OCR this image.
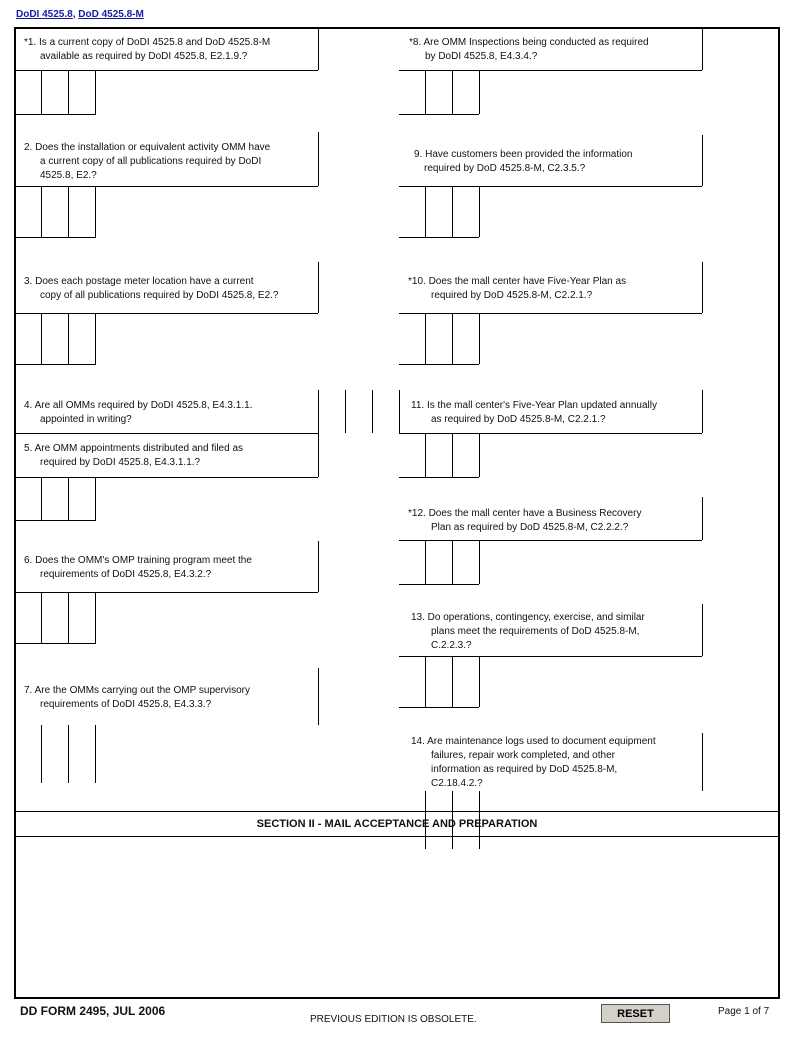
DoDI 4525.8, DoD 4525.8-M
*1. Is a current copy of DoDI 4525.8 and DoD 4525.8-M
available as required by DoDI 4525.8, E2.1.9.?
2. Does the installation or equivalent activity OMM have
a current copy of all publications required by DoDI
4525.8, E2.?
3. Does each postage meter location have a current
copy of all publications required by DoDI 4525.8, E2.?
4. Are all OMMs required by DoDI 4525.8, E4.3.1.1.
appointed in writing?
5. Are OMM appointments distributed and filed as
required by DoDI 4525.8, E4.3.1.1.?
6. Does the OMM's OMP training program meet the
requirements of DoDI 4525.8, E4.3.2.?
7. Are the OMMs carrying out the OMP supervisory
requirements of DoDI 4525.8, E4.3.3.?
*8. Are OMM Inspections being conducted as required
by DoDI 4525.8, E4.3.4.?
9. Have customers been provided the information
required by DoD 4525.8-M, C2.3.5.?
*10. Does the mall center have Five-Year Plan as
required by DoD 4525.8-M, C2.2.1.?
11. Is the mall center's Five-Year Plan updated annually
as required by DoD 4525.8-M, C2.2.1.?
*12. Does the mall center have a Business Recovery
Plan as required by DoD 4525.8-M, C2.2.2.?
13. Do operations, contingency, exercise, and similar
plans meet the requirements of DoD 4525.8-M,
C.2.2.3.?
14. Are maintenance logs used to document equipment
failures, repair work completed, and other
information as required by DoD 4525.8-M,
C2.18.4.2.?
SECTION II - MAIL ACCEPTANCE AND PREPARATION
DD FORM 2495, JUL 2006
PREVIOUS EDITION IS OBSOLETE.	RESET	Page 1 of 7
